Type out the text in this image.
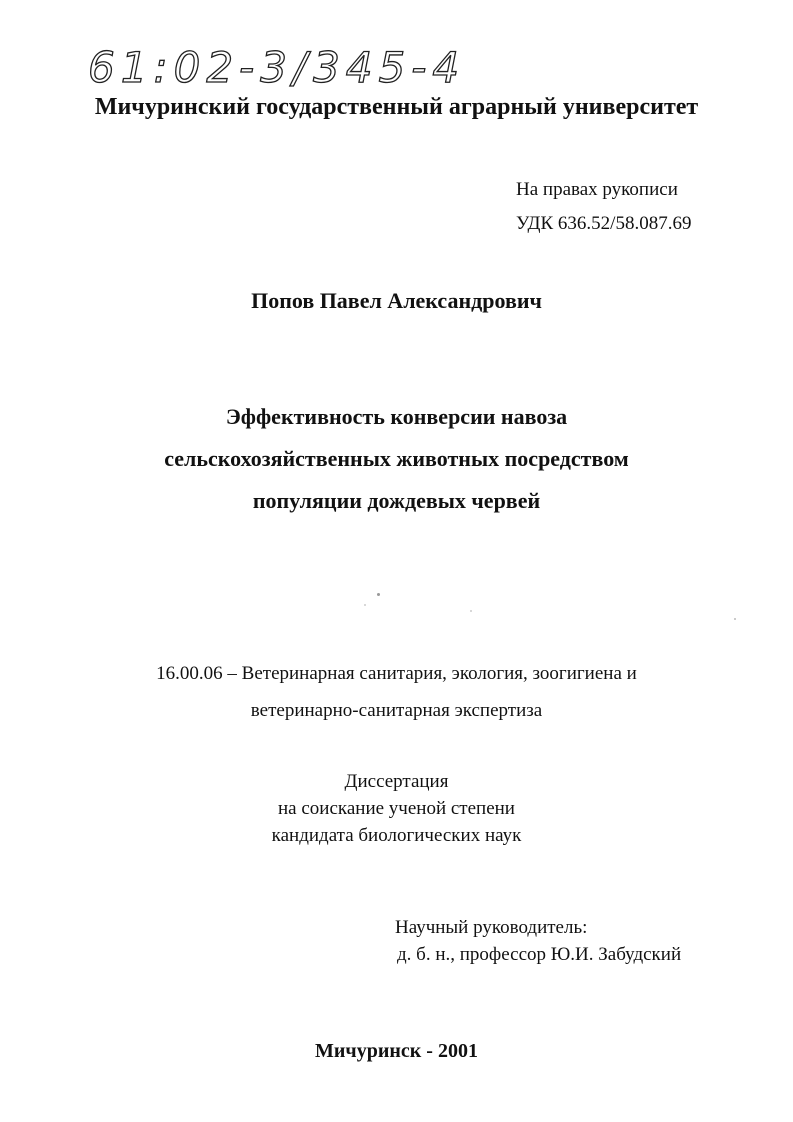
61:02-3/345-4
Мичуринский государственный аграрный университет
На правах рукописи
УДК 636.52/58.087.69
Попов Павел Александрович
Эффективность конверсии навоза
сельскохозяйственных животных посредством
популяции дождевых червей
16.00.06 – Ветеринарная санитария, экология, зоогигиена и
ветеринарно-санитарная экспертиза
Диссертация
на соискание ученой степени
кандидата биологических наук
Научный руководитель:
д. б. н., профессор Ю.И. Забудский
Мичуринск - 2001
